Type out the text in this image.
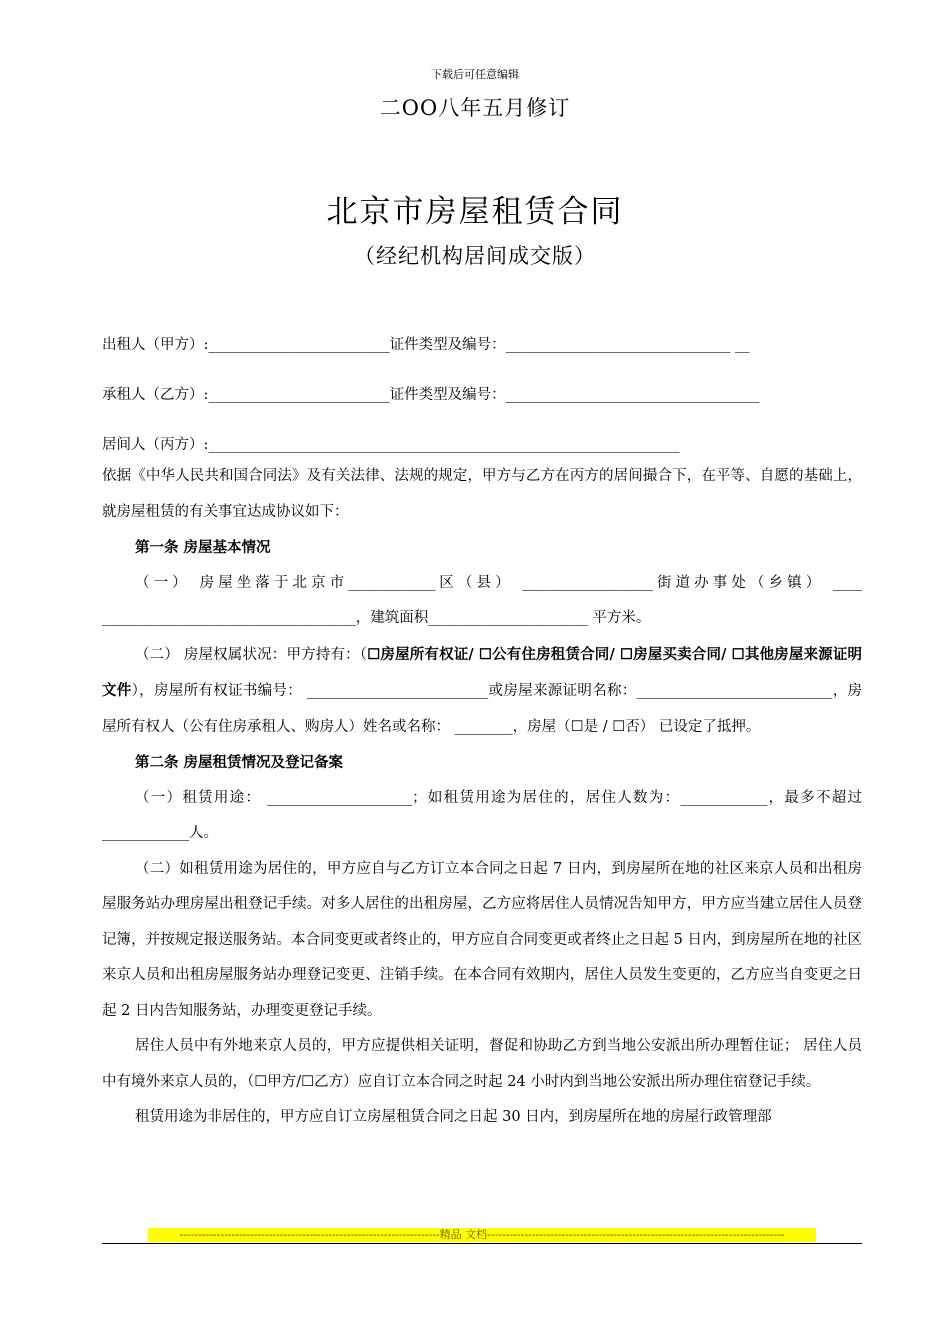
下载后可任意编辑
二OO八年五月修订
北京市房屋租赁合同
（经纪机构居间成交版）
出租人（甲方）:_________________________证件类型及编号：_______________________________ __
承租人（乙方）:_________________________证件类型及编号：___________________________________
居间人（丙方）:_________________________________________________________________

依据《中华人民共和国合同法》及有关法律、法规的规定，甲方与乙方在丙方的居间撮合下，在平等、自愿的基础上，就房屋租赁的有关事宜达成协议如下：

第一条 房屋基本情况

（一） 房屋坐落于北京市____________区（县） __________________街道办事处（乡镇） ____ ___________________________________，建筑面积______________________ 平方米。

（二） 房屋权属状况：甲方持有：（☐房屋所有权证/ ☐公有住房租赁合同/ ☐房屋买卖合同/ ☐其他房屋来源证明文件），房屋所有权证书编号： _________________________或房屋来源证明名称：___________________________，房屋所有权人（公有住房承租人、购房人）姓名或名称： ________，房屋（☐是 / ☐否） 已设定了抵押。

第二条 房屋租赁情况及登记备案

（一）租赁用途： ____________________；如租赁用途为居住的，居住人数为：____________，最多不超过____________人。

（二）如租赁用途为居住的，甲方应自与乙方订立本合同之日起 7 日内，到房屋所在地的社区来京人员和出租房屋服务站办理房屋出租登记手续。对多人居住的出租房屋，乙方应将居住人员情况告知甲方，甲方应当建立居住人员登记簿，并按规定报送服务站。本合同变更或者终止的，甲方应自合同变更或者终止之日起 5 日内，到房屋所在地的社区来京人员和出租房屋服务站办理登记变更、注销手续。在本合同有效期内，居住人员发生变更的，乙方应当自变更之日起 2 日内告知服务站，办理变更登记手续。

居住人员中有外地来京人员的，甲方应提供相关证明，督促和协助乙方到当地公安派出所办理暂住证； 居住人员中有境外来京人员的，（☐甲方/☐乙方）应自订立本合同之时起 24 小时内到当地公安派出所办理住宿登记手续。

租赁用途为非居住的，甲方应自订立房屋租赁合同之日起 30 日内，到房屋所在地的房屋行政管理部

----------------------------------------------------------------------精品 文档--------------------------------------------------------------------------------
